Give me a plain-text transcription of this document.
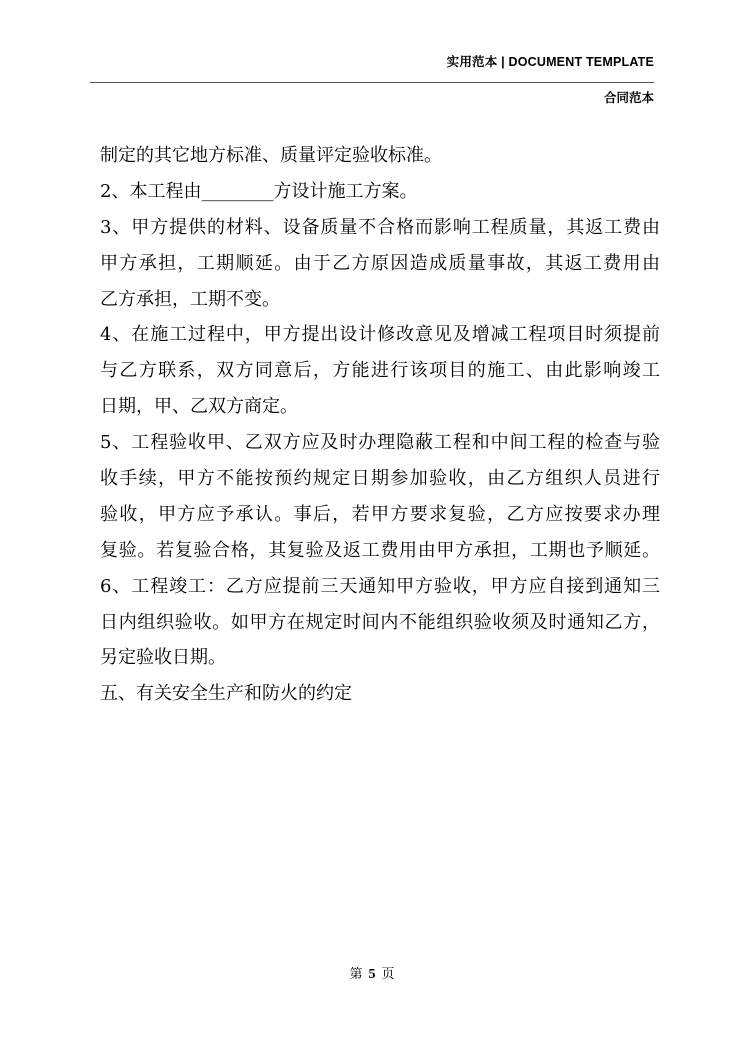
实用范本 | DOCUMENT TEMPLATE
合同范本
制定的其它地方标准、质量评定验收标准。
2、本工程由________方设计施工方案。
3、甲方提供的材料、设备质量不合格而影响工程质量，其返工费由
甲方承担，工期顺延。由于乙方原因造成质量事故，其返工费用由
乙方承担，工期不变。
4、在施工过程中，甲方提出设计修改意见及增减工程项目时须提前
与乙方联系，双方同意后，方能进行该项目的施工、由此影响竣工
日期，甲、乙双方商定。
5、工程验收甲、乙双方应及时办理隐蔽工程和中间工程的检查与验
收手续，甲方不能按预约规定日期参加验收，由乙方组织人员进行
验收，甲方应予承认。事后，若甲方要求复验，乙方应按要求办理
复验。若复验合格，其复验及返工费用由甲方承担，工期也予顺延。
6、工程竣工：乙方应提前三天通知甲方验收，甲方应自接到通知三
日内组织验收。如甲方在规定时间内不能组织验收须及时通知乙方，
另定验收日期。
五、有关安全生产和防火的约定
第 5 页
